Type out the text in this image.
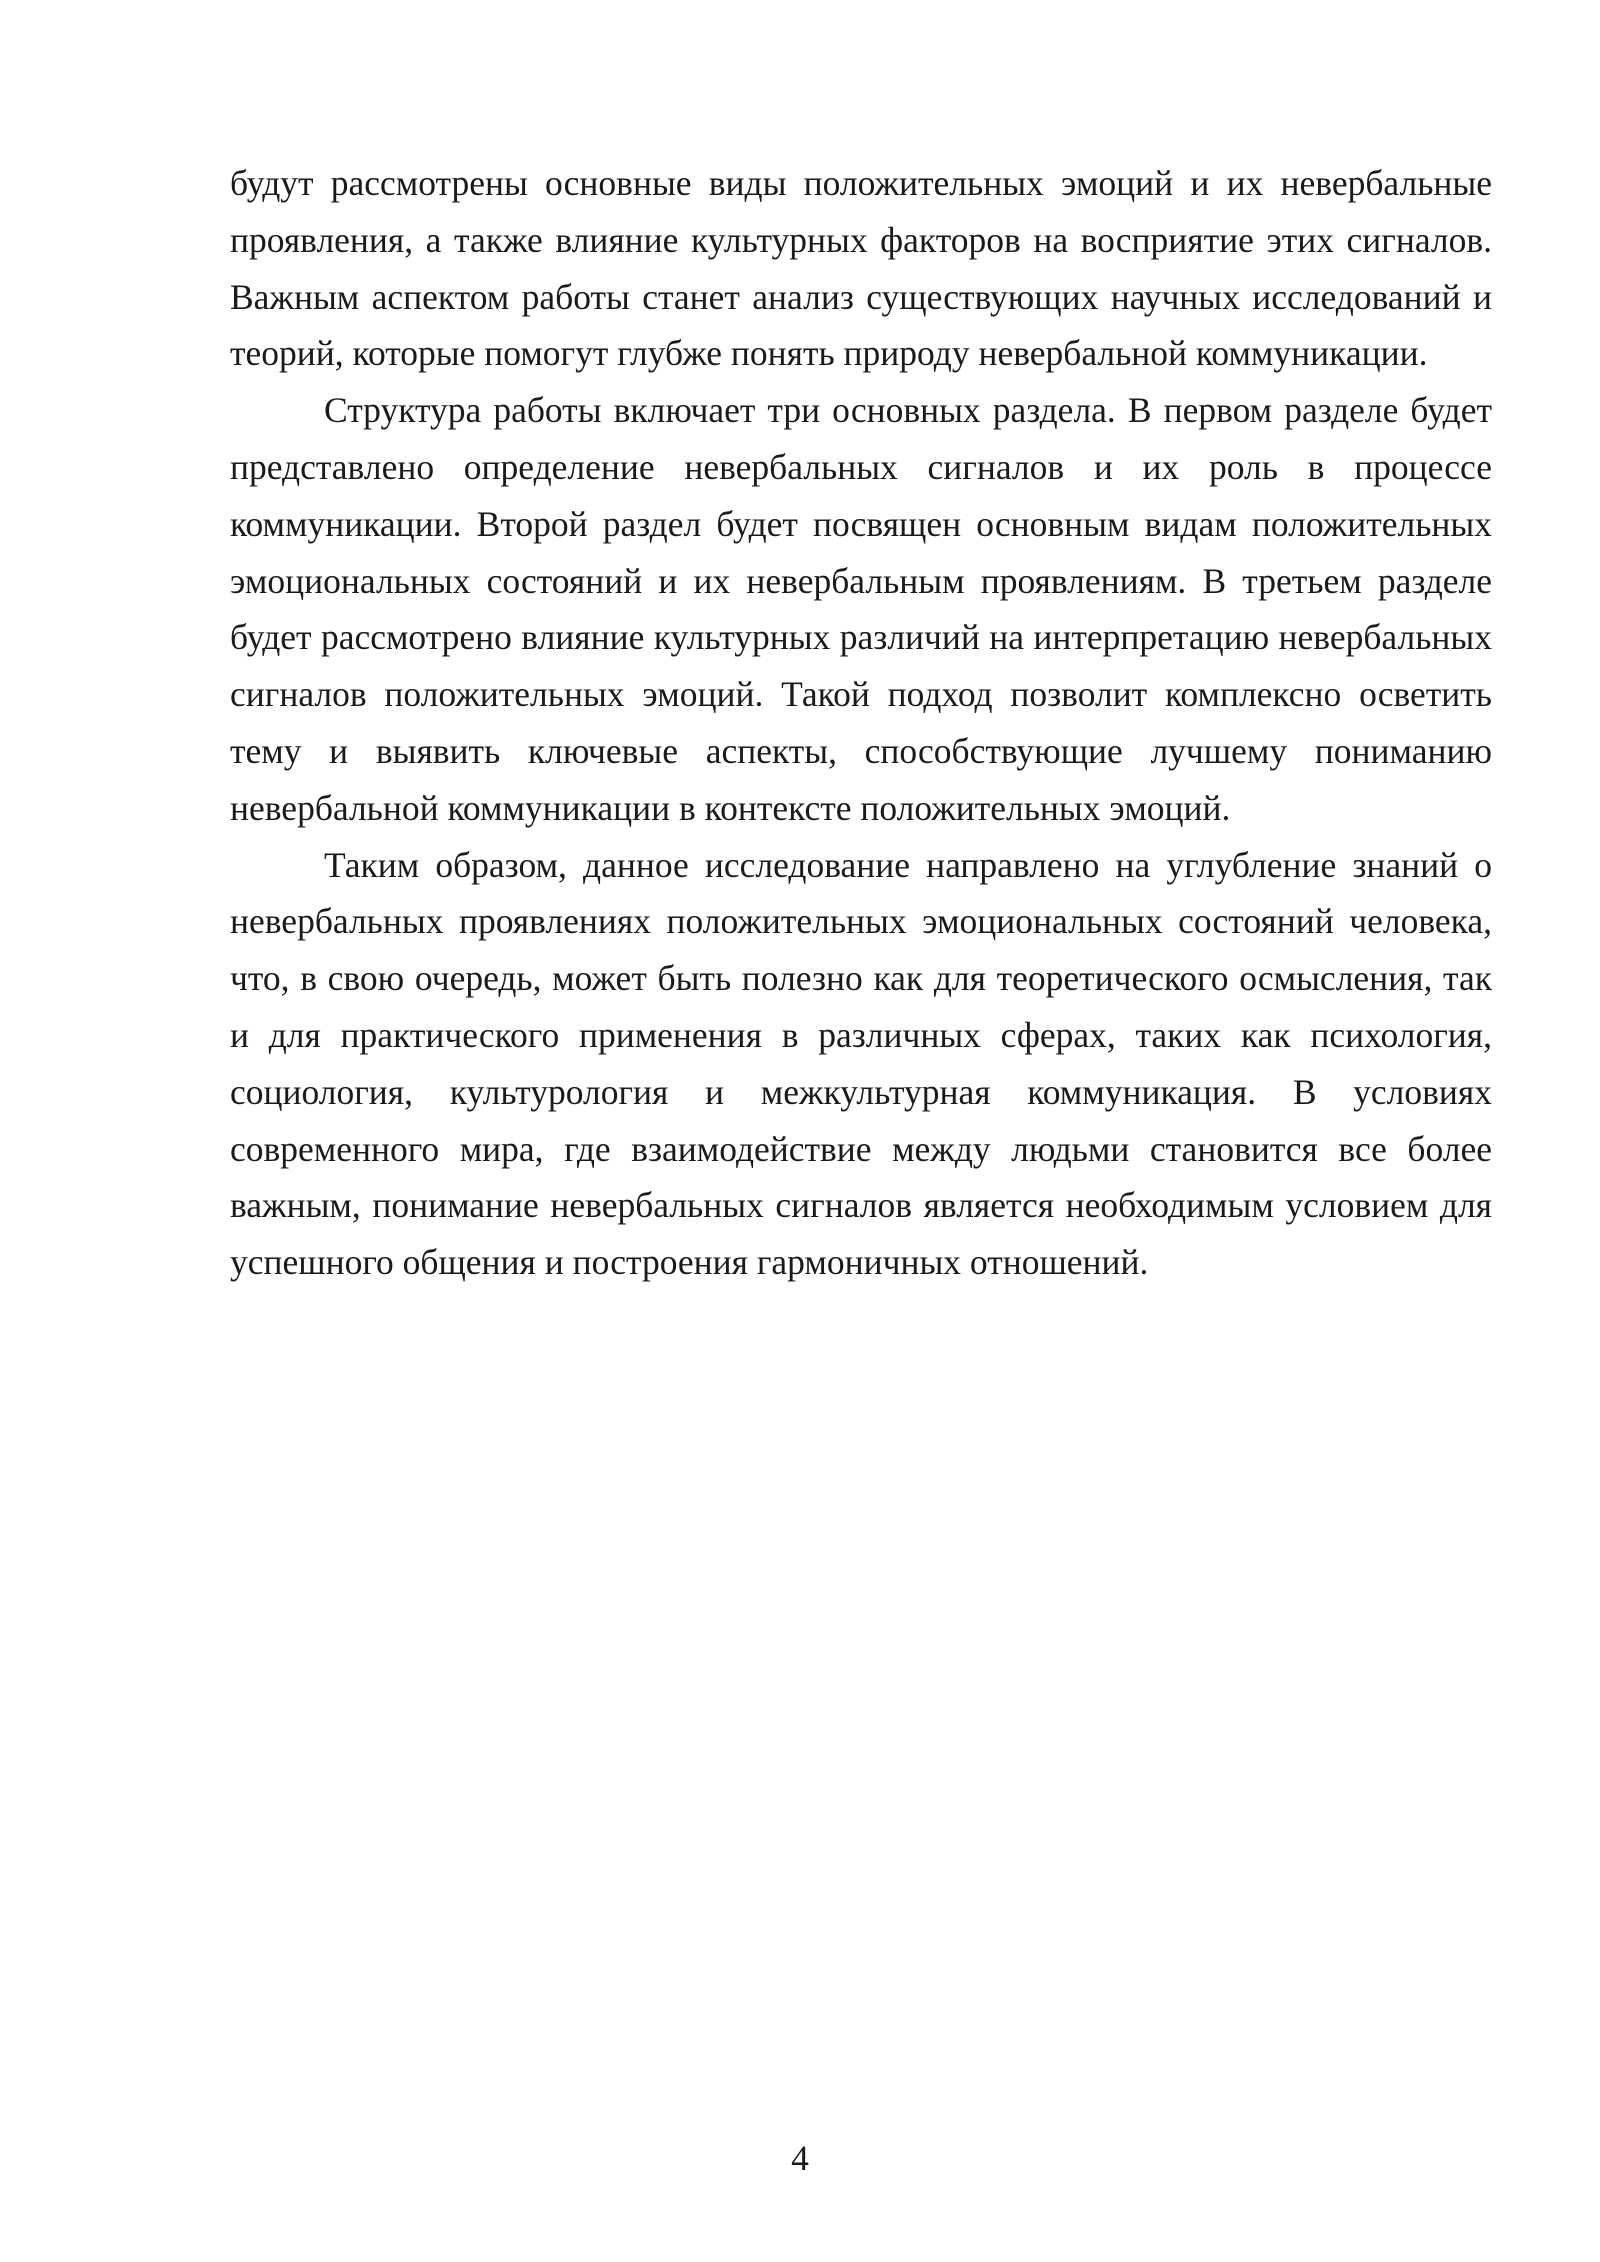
будут рассмотрены основные виды положительных эмоций и их невербальные проявления, а также влияние культурных факторов на восприятие этих сигналов. Важным аспектом работы станет анализ существующих научных исследований и теорий, которые помогут глубже понять природу невербальной коммуникации.

Структура работы включает три основных раздела. В первом разделе будет представлено определение невербальных сигналов и их роль в процессе коммуникации. Второй раздел будет посвящен основным видам положительных эмоциональных состояний и их невербальным проявлениям. В третьем разделе будет рассмотрено влияние культурных различий на интерпретацию невербальных сигналов положительных эмоций. Такой подход позволит комплексно осветить тему и выявить ключевые аспекты, способствующие лучшему пониманию невербальной коммуникации в контексте положительных эмоций.

Таким образом, данное исследование направлено на углубление знаний о невербальных проявлениях положительных эмоциональных состояний человека, что, в свою очередь, может быть полезно как для теоретического осмысления, так и для практического применения в различных сферах, таких как психология, социология, культурология и межкультурная коммуникация. В условиях современного мира, где взаимодействие между людьми становится все более важным, понимание невербальных сигналов является необходимым условием для успешного общения и построения гармоничных отношений.

4
